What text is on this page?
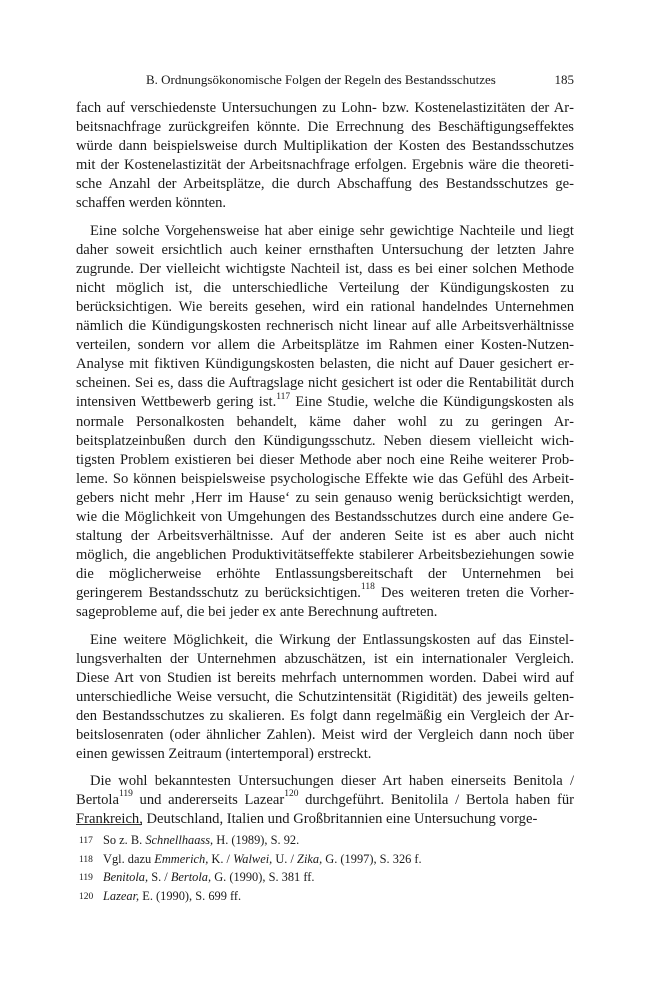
B. Ordnungsökonomische Folgen der Regeln des Bestandsschutzes	185

fach auf verschiedenste Untersuchungen zu Lohn- bzw. Kostenelastizitäten der Arbeitsnachfrage zurückgreifen könnte. Die Errechnung des Beschäftigungseffektes würde dann beispielsweise durch Multiplikation der Kosten des Bestandsschutzes mit der Kostenelastizität der Arbeitsnachfrage erfolgen. Ergebnis wäre die theoretische Anzahl der Arbeitsplätze, die durch Abschaffung des Bestandsschutzes geschaffen werden könnten.

Eine solche Vorgehensweise hat aber einige sehr gewichtige Nachteile und liegt daher soweit ersichtlich auch keiner ernsthaften Untersuchung der letzten Jahre zugrunde. Der vielleicht wichtigste Nachteil ist, dass es bei einer solchen Methode nicht möglich ist, die unterschiedliche Verteilung der Kündigungskosten zu berücksichtigen. Wie bereits gesehen, wird ein rational handelndes Unternehmen nämlich die Kündigungskosten rechnerisch nicht linear auf alle Arbeitsverhältnisse verteilen, sondern vor allem die Arbeitsplätze im Rahmen einer Kosten-Nutzen-Analyse mit fiktiven Kündigungskosten belasten, die nicht auf Dauer gesichert erscheinen. Sei es, dass die Auftragslage nicht gesichert ist oder die Rentabilität durch intensiven Wettbewerb gering ist.$^{117}$ Eine Studie, welche die Kündigungskosten als normale Personalkosten behandelt, käme daher wohl zu zu geringen Arbeitsplatzeinbußen durch den Kündigungsschutz. Neben diesem vielleicht wichtigsten Problem existieren bei dieser Methode aber noch eine Reihe weiterer Probleme. So können beispielsweise psychologische Effekte wie das Gefühl des Arbeitgebers nicht mehr ‚Herr im Hause‘ zu sein genauso wenig berücksichtigt werden, wie die Möglichkeit von Umgehungen des Bestandsschutzes durch eine andere Gestaltung der Arbeitsverhältnisse. Auf der anderen Seite ist es aber auch nicht möglich, die angeblichen Produktivitätseffekte stabilerer Arbeitsbeziehungen sowie die möglicherweise erhöhte Entlassungsbereitschaft der Unternehmen bei geringerem Bestandsschutz zu berücksichtigen.$^{118}$ Des weiteren treten die Vorhersageprobleme auf, die bei jeder ex ante Berechnung auftreten.

Eine weitere Möglichkeit, die Wirkung der Entlassungskosten auf das Einstellungsverhalten der Unternehmen abzuschätzen, ist ein internationaler Vergleich. Diese Art von Studien ist bereits mehrfach unternommen worden. Dabei wird auf unterschiedliche Weise versucht, die Schutzintensität (Rigidität) des jeweils geltenden Bestandsschutzes zu skalieren. Es folgt dann regelmäßig ein Vergleich der Arbeitslosenraten (oder ähnlicher Zahlen). Meist wird der Vergleich dann noch über einen gewissen Zeitraum (intertemporal) erstreckt.

Die wohl bekanntesten Untersuchungen dieser Art haben einerseits Benitola / Bertola$^{119}$ und andererseits Lazear$^{120}$ durchgeführt. Benitolila / Bertola haben für Frankreich, Deutschland, Italien und Großbritannien eine Untersuchung vorge-

117 So z. B. Schnellhaass, H. (1989), S. 92.

118 Vgl. dazu Emmerich, K. / Walwei, U. / Zika, G. (1997), S. 326 f.

119 Benitola, S. / Bertola, G. (1990), S. 381 ff.

120 Lazear, E. (1990), S. 699 ff.
